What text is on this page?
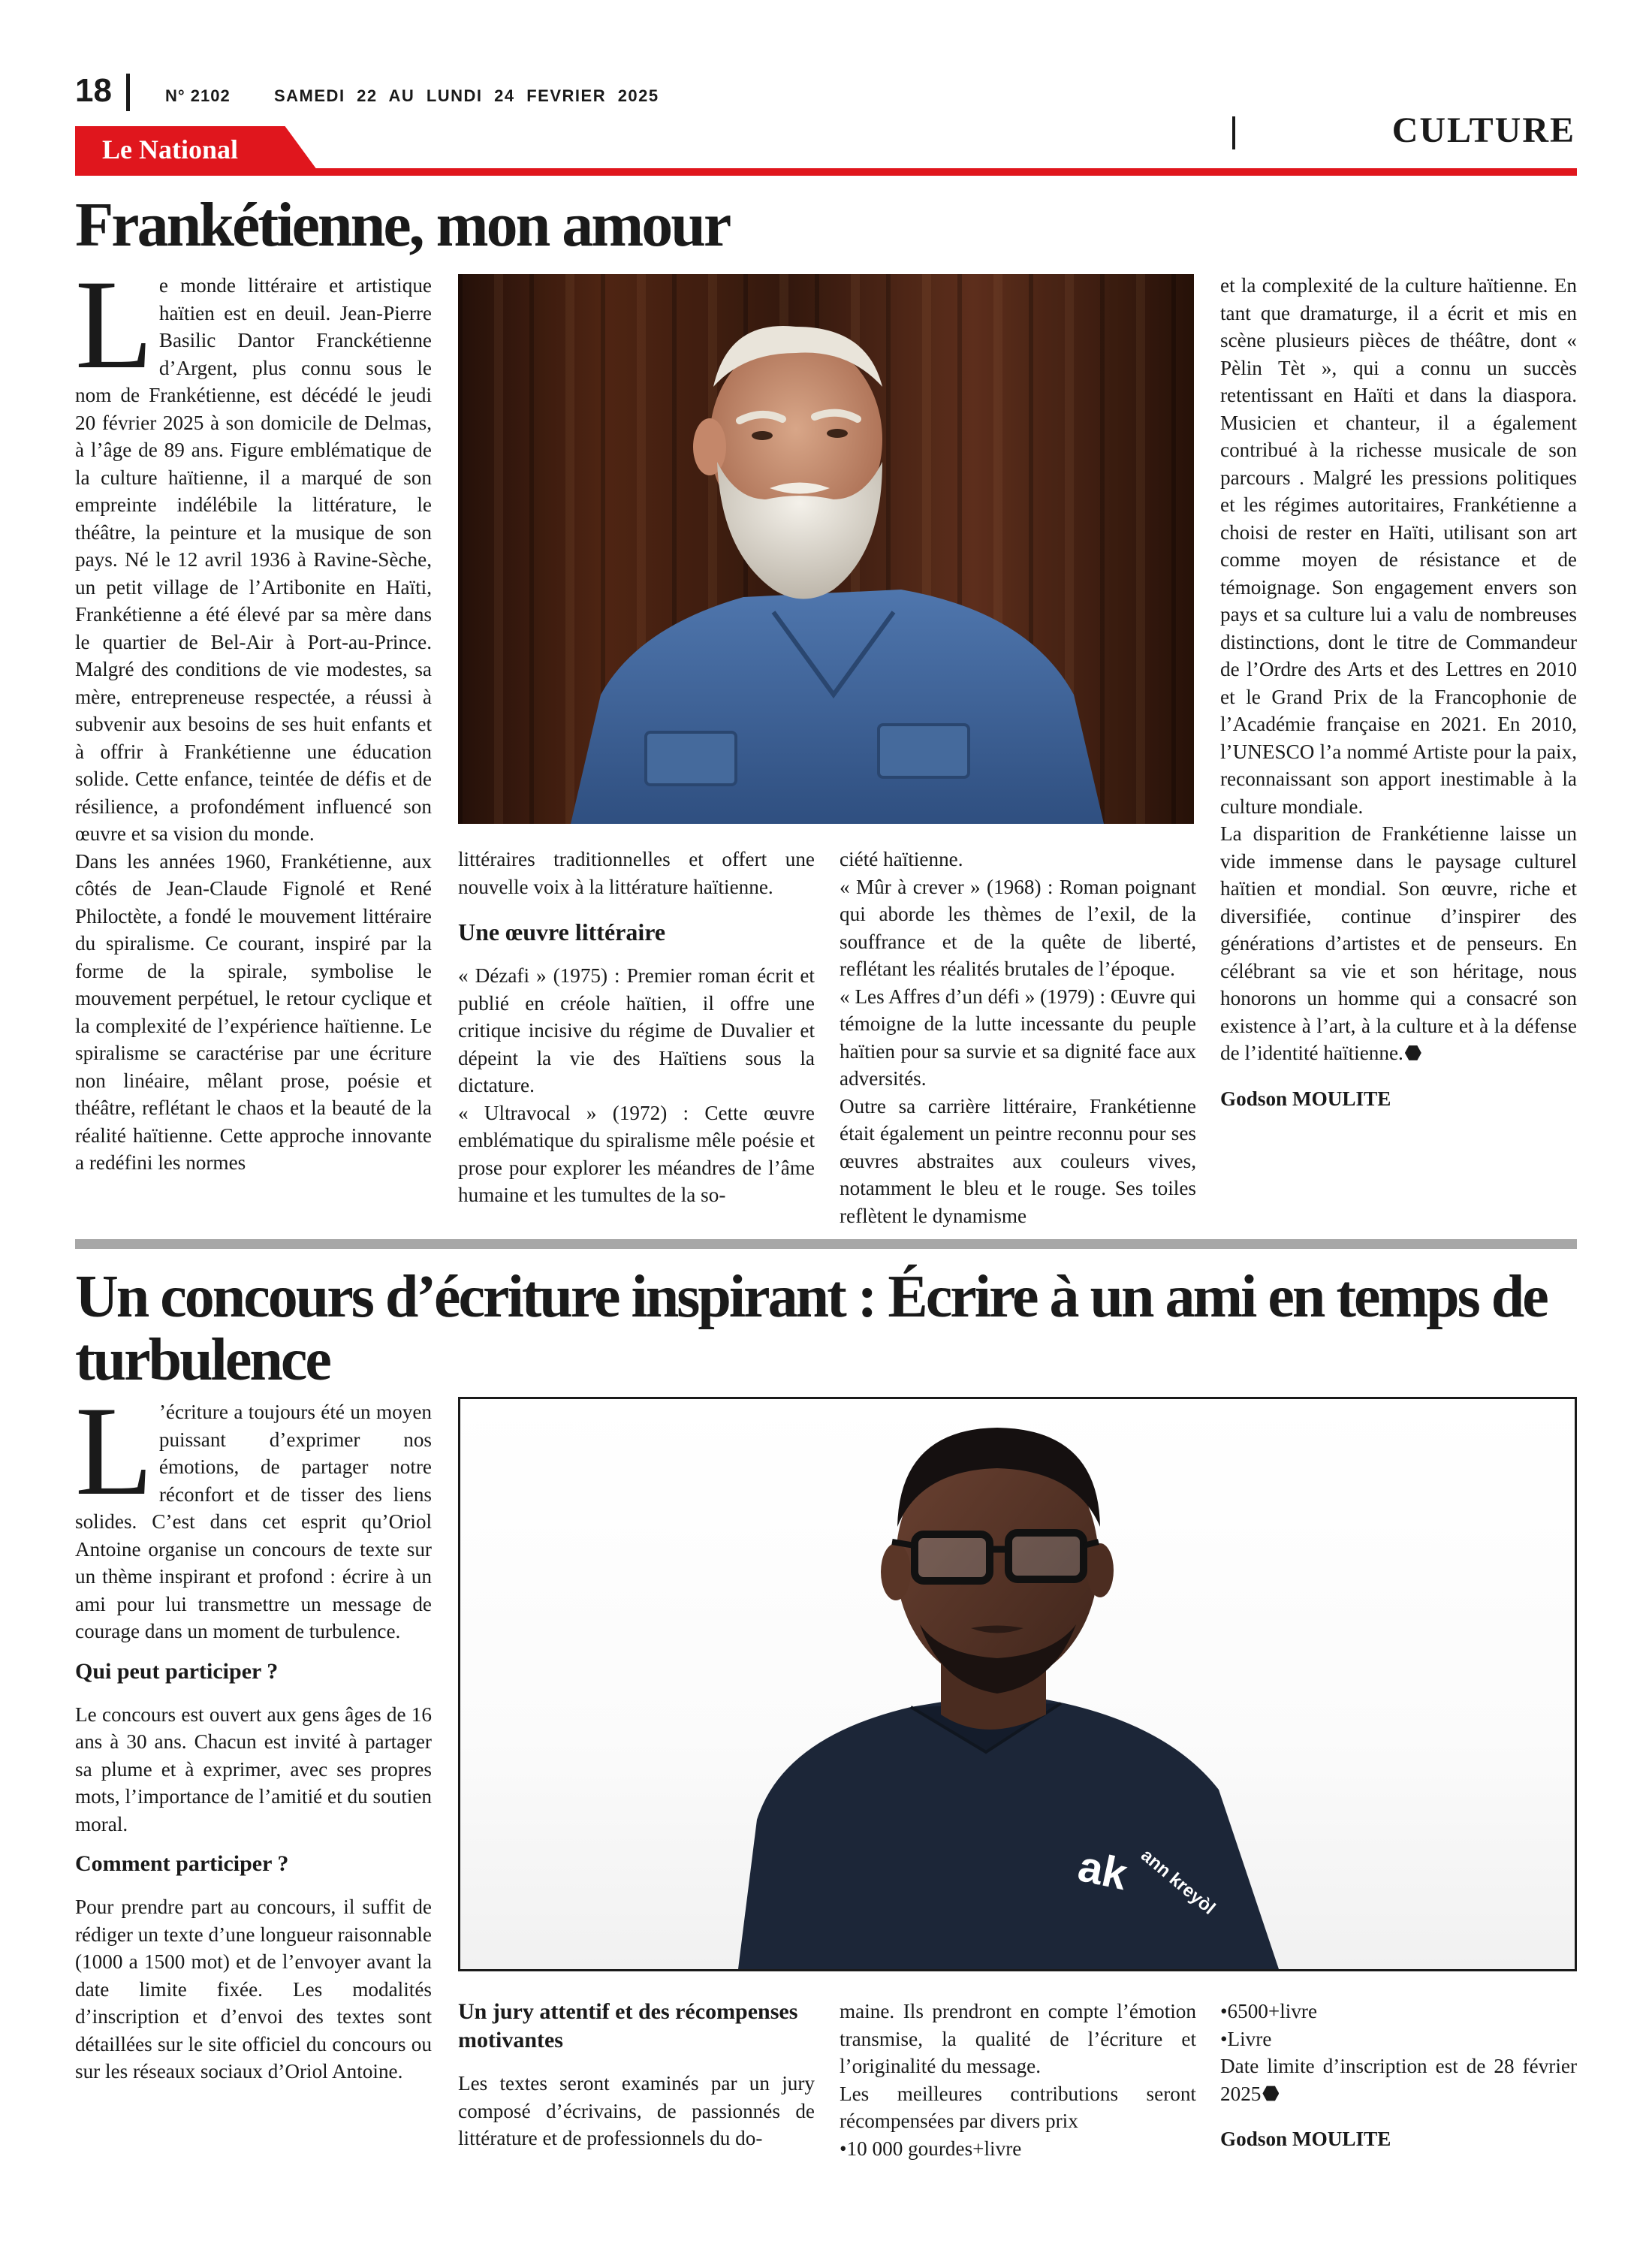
18	N° 2102	SAMEDI 22 AU LUNDI 24 FEVRIER 2025
Le National	CULTURE
Frankétienne, mon amour

Le monde littéraire et artistique haïtien est en deuil. Jean-Pierre Basilic Dantor Franckétienne d’Argent, plus connu sous le nom de Frankétienne, est décédé le jeudi 20 février 2025 à son domicile de Delmas, à l’âge de 89 ans. Figure emblématique de la culture haïtienne, il a marqué de son empreinte indélébile la littérature, le théâtre, la peinture et la musique de son pays. Né le 12 avril 1936 à Ravine-Sèche, un petit village de l’Artibonite en Haïti, Frankétienne a été élevé par sa mère dans le quartier de Bel-Air à Port-au-Prince. Malgré des conditions de vie modestes, sa mère, entrepreneuse respectée, a réussi à subvenir aux besoins de ses huit enfants et à offrir à Frankétienne une éducation solide. Cette enfance, teintée de défis et de résilience, a profondément influencé son œuvre et sa vision du monde.

Dans les années 1960, Frankétienne, aux côtés de Jean-Claude Fignolé et René Philoctète, a fondé le mouvement littéraire du spiralisme. Ce courant, inspiré par la forme de la spirale, symbolise le mouvement perpétuel, le retour cyclique et la complexité de l’expérience haïtienne. Le spiralisme se caractérise par une écriture non linéaire, mêlant prose, poésie et théâtre, reflétant le chaos et la beauté de la réalité haïtienne. Cette approche innovante a redéfini les normes

littéraires traditionnelles et offert une nouvelle voix à la littérature haïtienne.

Une œuvre littéraire

« Dézafi » (1975) : Premier roman écrit et publié en créole haïtien, il offre une critique incisive du régime de Duvalier et dépeint la vie des Haïtiens sous la dictature.

« Ultravocal » (1972) : Cette œuvre emblématique du spiralisme mêle poésie et prose pour explorer les méandres de l’âme humaine et les tumultes de la so-

ciété haïtienne.

« Mûr à crever » (1968) : Roman poignant qui aborde les thèmes de l’exil, de la souffrance et de la quête de liberté, reflétant les réalités brutales de l’époque.

« Les Affres d’un défi » (1979) : Œuvre qui témoigne de la lutte incessante du peuple haïtien pour sa survie et sa dignité face aux adversités.

Outre sa carrière littéraire, Frankétienne était également un peintre reconnu pour ses œuvres abstraites aux couleurs vives, notamment le bleu et le rouge. Ses toiles reflètent le dynamisme

et la complexité de la culture haïtienne. En tant que dramaturge, il a écrit et mis en scène plusieurs pièces de théâtre, dont « Pèlin Tèt », qui a connu un succès retentissant en Haïti et dans la diaspora. Musicien et chanteur, il a également contribué à la richesse musicale de son parcours . Malgré les pressions politiques et les régimes autoritaires, Frankétienne a choisi de rester en Haïti, utilisant son art comme moyen de résistance et de témoignage. Son engagement envers son pays et sa culture lui a valu de nombreuses distinctions, dont le titre de Commandeur de l’Ordre des Arts et des Lettres en 2010 et le Grand Prix de la Francophonie de l’Académie française en 2021. En 2010, l’UNESCO l’a nommé Artiste pour la paix, reconnaissant son apport inestimable à la culture mondiale.

La disparition de Frankétienne laisse un vide immense dans le paysage culturel haïtien et mondial. Son œuvre, riche et diversifiée, continue d’inspirer des générations d’artistes et de penseurs. En célébrant sa vie et son héritage, nous honorons un homme qui a consacré son existence à l’art, à la culture et à la défense de l’identité haïtienne.

Godson MOULITE
Un concours d’écriture inspirant : Écrire à un ami en temps de turbulence

L ’écriture a toujours été un moyen puissant d’exprimer nos émotions, de partager notre réconfort et de tisser des liens solides. C’est dans cet esprit qu’Oriol Antoine organise un concours de texte sur un thème inspirant et profond : écrire à un ami pour lui transmettre un message de courage dans un moment de turbulence.

Qui peut participer ?

Le concours est ouvert aux gens âges de 16 ans à 30 ans. Chacun est invité à partager sa plume et à exprimer, avec ses propres mots, l’importance de l’amitié et du soutien moral.

Comment participer ?

Pour prendre part au concours, il suffit de rédiger un texte d’une longueur raisonnable (1000 a 1500 mot) et de l’envoyer avant la date limite fixée. Les modalités d’inscription et d’envoi des textes sont détaillées sur le site officiel du concours ou sur les réseaux sociaux d’Oriol Antoine.

ak ann kreyòl
Un jury attentif et des récompenses motivantes

Les textes seront examinés par un jury composé d’écrivains, de passionnés de littérature et de professionnels du do-

maine. Ils prendront en compte l’émotion transmise, la qualité de l’écriture et l’originalité du message.

Les meilleures contributions seront récompensées par divers prix

•10 000 gourdes+livre

•6500+livre

•Livre

Date limite d’inscription est de 28 février 2025

Godson MOULITE
